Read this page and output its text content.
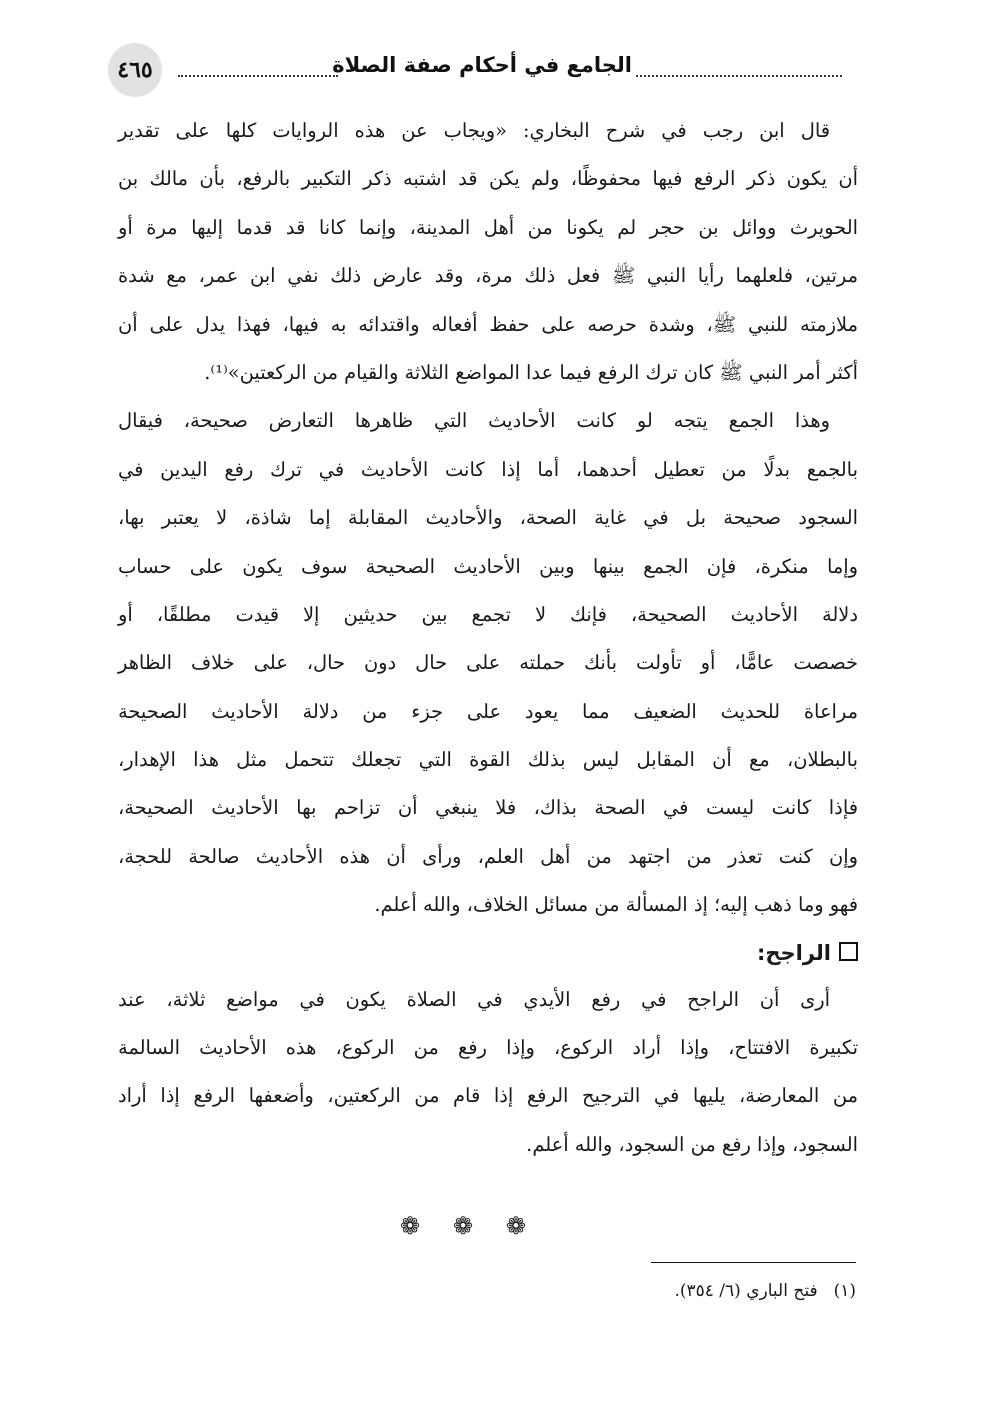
٤٦٥	الجامع في أحكام صفة الصلاة
قال ابن رجب في شرح البخاري: «ويجاب عن هذه الروايات كلها على تقدير
أن يكون ذكر الرفع فيها محفوظًا، ولم يكن قد اشتبه ذكر التكبير بالرفع، بأن مالك بن
الحويرث ووائل بن حجر لم يكونا من أهل المدينة، وإنما كانا قد قدما إليها مرة أو
مرتين، فلعلهما رأيا النبي ﷺ فعل ذلك مرة، وقد عارض ذلك نفي ابن عمر، مع شدة
ملازمته للنبي ﷺ، وشدة حرصه على حفظ أفعاله واقتدائه به فيها، فهذا يدل على أن
أكثر أمر النبي ﷺ كان ترك الرفع فيما عدا المواضع الثلاثة والقيام من الركعتين»⁽¹⁾.
وهذا الجمع يتجه لو كانت الأحاديث التي ظاهرها التعارض صحيحة، فيقال
بالجمع بدلًا من تعطيل أحدهما، أما إذا كانت الأحاديث في ترك رفع اليدين في
السجود صحيحة بل في غاية الصحة، والأحاديث المقابلة إما شاذة، لا يعتبر بها،
وإما منكرة، فإن الجمع بينها وبين الأحاديث الصحيحة سوف يكون على حساب
دلالة الأحاديث الصحيحة، فإنك لا تجمع بين حديثين إلا قيدت مطلقًا، أو
خصصت عامًّا، أو تأولت بأنك حملته على حال دون حال، على خلاف الظاهر
مراعاة للحديث الضعيف مما يعود على جزء من دلالة الأحاديث الصحيحة
بالبطلان، مع أن المقابل ليس بذلك القوة التي تجعلك تتحمل مثل هذا الإهدار،
فإذا كانت ليست في الصحة بذاك، فلا ينبغي أن تزاحم بها الأحاديث الصحيحة،
وإن كنت تعذر من اجتهد من أهل العلم، ورأى أن هذه الأحاديث صالحة للحجة،
فهو وما ذهب إليه؛ إذ المسألة من مسائل الخلاف، والله أعلم.
الراجح:
أرى أن الراجح في رفع الأيدي في الصلاة يكون في مواضع ثلاثة، عند
تكبيرة الافتتاح، وإذا أراد الركوع، وإذا رفع من الركوع، هذه الأحاديث السالمة
من المعارضة، يليها في الترجيح الرفع إذا قام من الركعتين، وأضعفها الرفع إذا أراد
السجود، وإذا رفع من السجود، والله أعلم.
❁ ❁ ❁
(١)فتح الباري (٦/ ٣٥٤).
